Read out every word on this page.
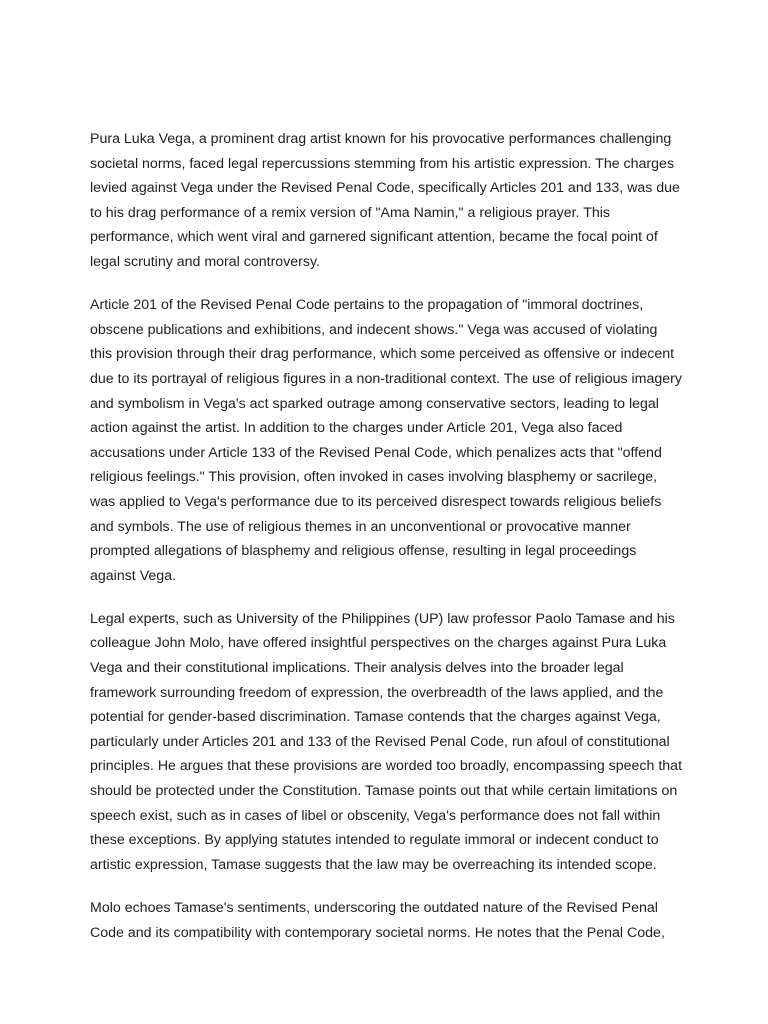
Pura Luka Vega, a prominent drag artist known for his provocative performances challenging societal norms, faced legal repercussions stemming from his artistic expression. The charges levied against Vega under the Revised Penal Code, specifically Articles 201 and 133, was due to his drag performance of a remix version of "Ama Namin," a religious prayer. This performance, which went viral and garnered significant attention, became the focal point of legal scrutiny and moral controversy.

Article 201 of the Revised Penal Code pertains to the propagation of "immoral doctrines, obscene publications and exhibitions, and indecent shows." Vega was accused of violating this provision through their drag performance, which some perceived as offensive or indecent due to its portrayal of religious figures in a non-traditional context. The use of religious imagery and symbolism in Vega's act sparked outrage among conservative sectors, leading to legal action against the artist. In addition to the charges under Article 201, Vega also faced accusations under Article 133 of the Revised Penal Code, which penalizes acts that "offend religious feelings." This provision, often invoked in cases involving blasphemy or sacrilege, was applied to Vega's performance due to its perceived disrespect towards religious beliefs and symbols. The use of religious themes in an unconventional or provocative manner prompted allegations of blasphemy and religious offense, resulting in legal proceedings against Vega.

Legal experts, such as University of the Philippines (UP) law professor Paolo Tamase and his colleague John Molo, have offered insightful perspectives on the charges against Pura Luka Vega and their constitutional implications. Their analysis delves into the broader legal framework surrounding freedom of expression, the overbreadth of the laws applied, and the potential for gender-based discrimination. Tamase contends that the charges against Vega, particularly under Articles 201 and 133 of the Revised Penal Code, run afoul of constitutional principles. He argues that these provisions are worded too broadly, encompassing speech that should be protected under the Constitution. Tamase points out that while certain limitations on speech exist, such as in cases of libel or obscenity, Vega's performance does not fall within these exceptions. By applying statutes intended to regulate immoral or indecent conduct to artistic expression, Tamase suggests that the law may be overreaching its intended scope.

Molo echoes Tamase's sentiments, underscoring the outdated nature of the Revised Penal Code and its compatibility with contemporary societal norms. He notes that the Penal Code,
